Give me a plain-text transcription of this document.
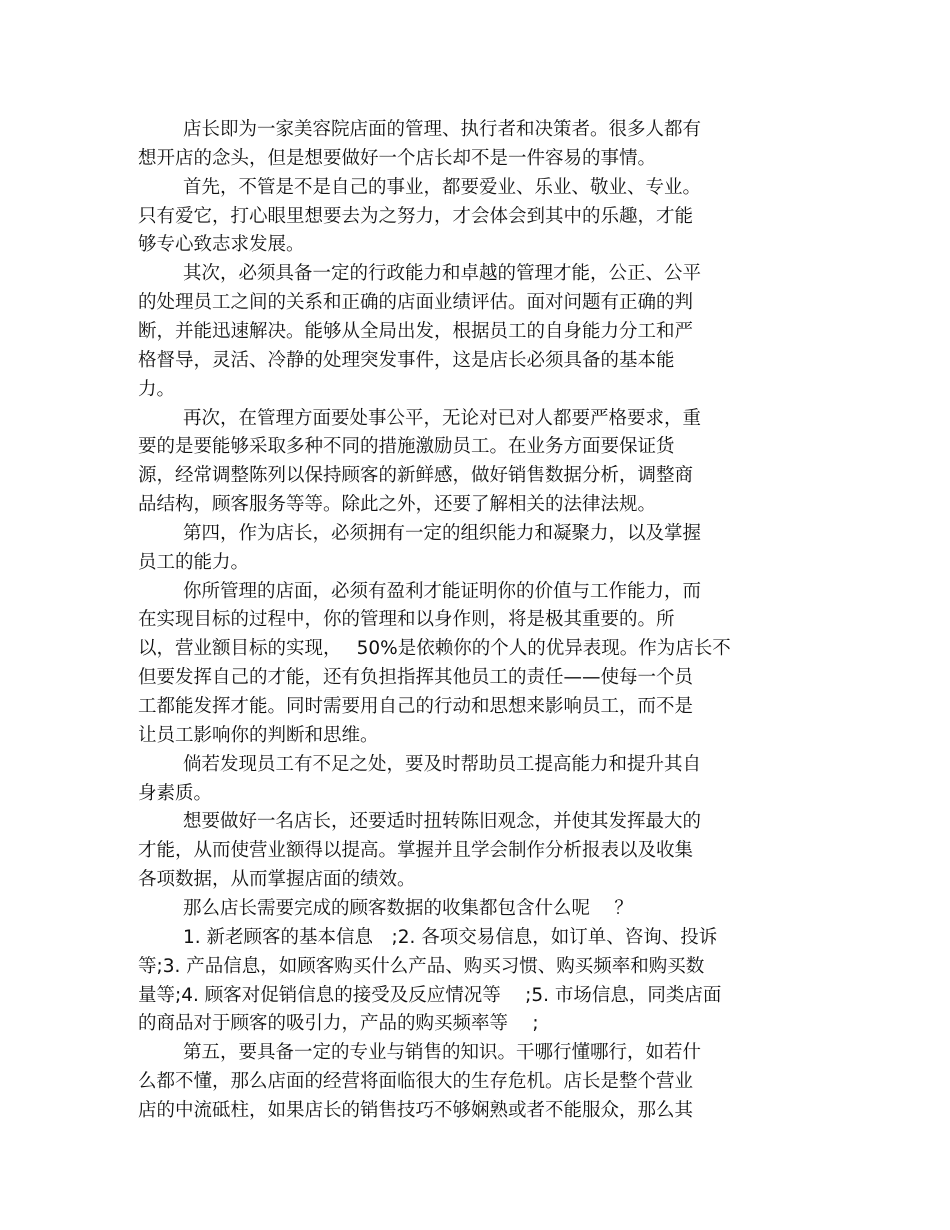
店长即为一家美容院店面的管理、执行者和决策者。很多人都有
想开店的念头，但是想要做好一个店长却不是一件容易的事情。
首先，不管是不是自己的事业，都要爱业、乐业、敬业、专业。
只有爱它，打心眼里想要去为之努力，才会体会到其中的乐趣，才能
够专心致志求发展。
其次，必须具备一定的行政能力和卓越的管理才能，公正、公平
的处理员工之间的关系和正确的店面业绩评估。面对问题有正确的判
断，并能迅速解决。能够从全局出发，根据员工的自身能力分工和严
格督导，灵活、冷静的处理突发事件，这是店长必须具备的基本能
力。
再次，在管理方面要处事公平，无论对已对人都要严格要求，重
要的是要能够采取多种不同的措施激励员工。在业务方面要保证货
源，经常调整陈列以保持顾客的新鲜感，做好销售数据分析，调整商
品结构，顾客服务等等。除此之外，还要了解相关的法律法规。
第四，作为店长，必须拥有一定的组织能力和凝聚力，以及掌握
员工的能力。
你所管理的店面，必须有盈利才能证明你的价值与工作能力，而
在实现目标的过程中，你的管理和以身作则，将是极其重要的。所
以，营业额目标的实现，　 50%是依赖你的个人的优异表现。作为店长不
但要发挥自己的才能，还有负担指挥其他员工的责任——使每一个员
工都能发挥才能。同时需要用自己的行动和思想来影响员工，而不是
让员工影响你的判断和思维。
倘若发现员工有不足之处，要及时帮助员工提高能力和提升其自
身素质。
想要做好一名店长，还要适时扭转陈旧观念，并使其发挥最大的
才能，从而使营业额得以提高。掌握并且学会制作分析报表以及收集
各项数据，从而掌握店面的绩效。
那么店长需要完成的顾客数据的收集都包含什么呢　 ？
1. 新老顾客的基本信息　;2. 各项交易信息，如订单、咨询、投诉
等;3. 产品信息，如顾客购买什么产品、购买习惯、购买频率和购买数
量等;4. 顾客对促销信息的接受及反应情况等　 ;5. 市场信息，同类店面
的商品对于顾客的吸引力，产品的购买频率等　 ;
第五，要具备一定的专业与销售的知识。干哪行懂哪行，如若什
么都不懂，那么店面的经营将面临很大的生存危机。店长是整个营业
店的中流砥柱，如果店长的销售技巧不够娴熟或者不能服众，那么其
